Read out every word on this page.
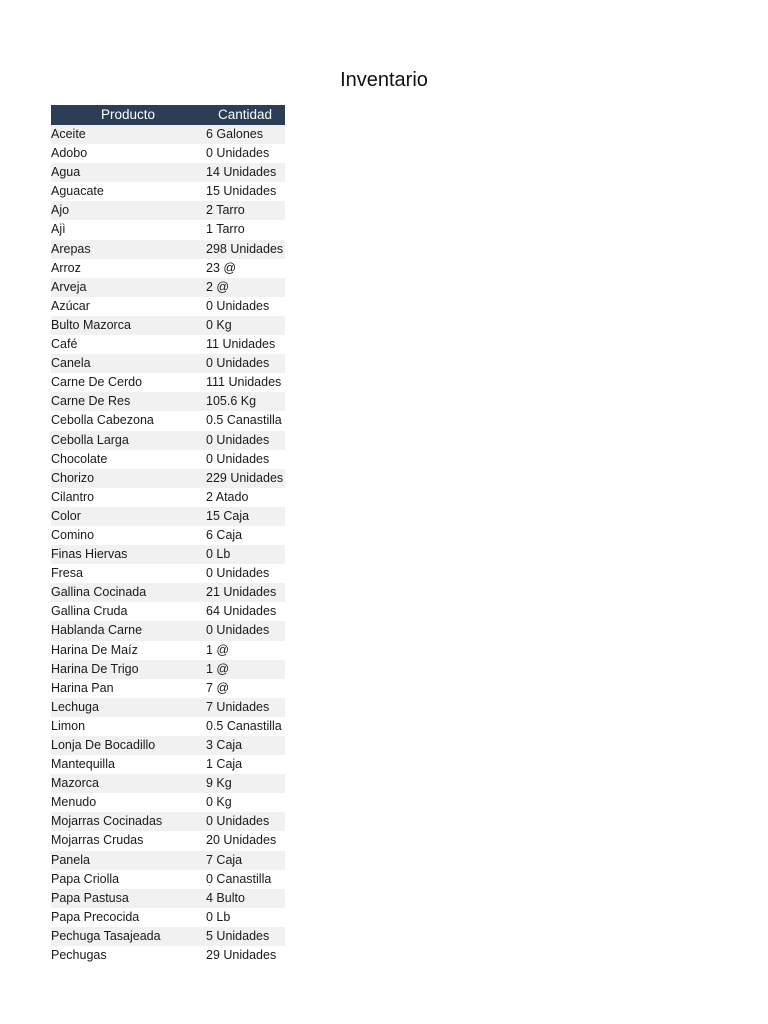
Inventario
Producto	Cantidad
Aceite	6 Galones
Adobo	0 Unidades
Agua	14 Unidades
Aguacate	15 Unidades
Ajo	2 Tarro
Ajì	1 Tarro
Arepas	298 Unidades
Arroz	23 @
Arveja	2 @
Azúcar	0 Unidades
Bulto Mazorca	0 Kg
Café	11 Unidades
Canela	0 Unidades
Carne De Cerdo	111 Unidades
Carne De Res	105.6 Kg
Cebolla Cabezona	0.5 Canastilla
Cebolla Larga	0 Unidades
Chocolate	0 Unidades
Chorizo	229 Unidades
Cilantro	2 Atado
Color	15 Caja
Comino	6 Caja
Finas Hiervas	0 Lb
Fresa	0 Unidades
Gallina Cocinada	21 Unidades
Gallina Cruda	64 Unidades
Hablanda Carne	0 Unidades
Harina De Maíz	1 @
Harina De Trigo	1 @
Harina Pan	7 @
Lechuga	7 Unidades
Limon	0.5 Canastilla
Lonja De Bocadillo	3 Caja
Mantequilla	1 Caja
Mazorca	9 Kg
Menudo	0 Kg
Mojarras Cocinadas	0 Unidades
Mojarras Crudas	20 Unidades
Panela	7 Caja
Papa Criolla	0 Canastilla
Papa Pastusa	4 Bulto
Papa Precocida	0 Lb
Pechuga Tasajeada	5 Unidades
Pechugas	29 Unidades
